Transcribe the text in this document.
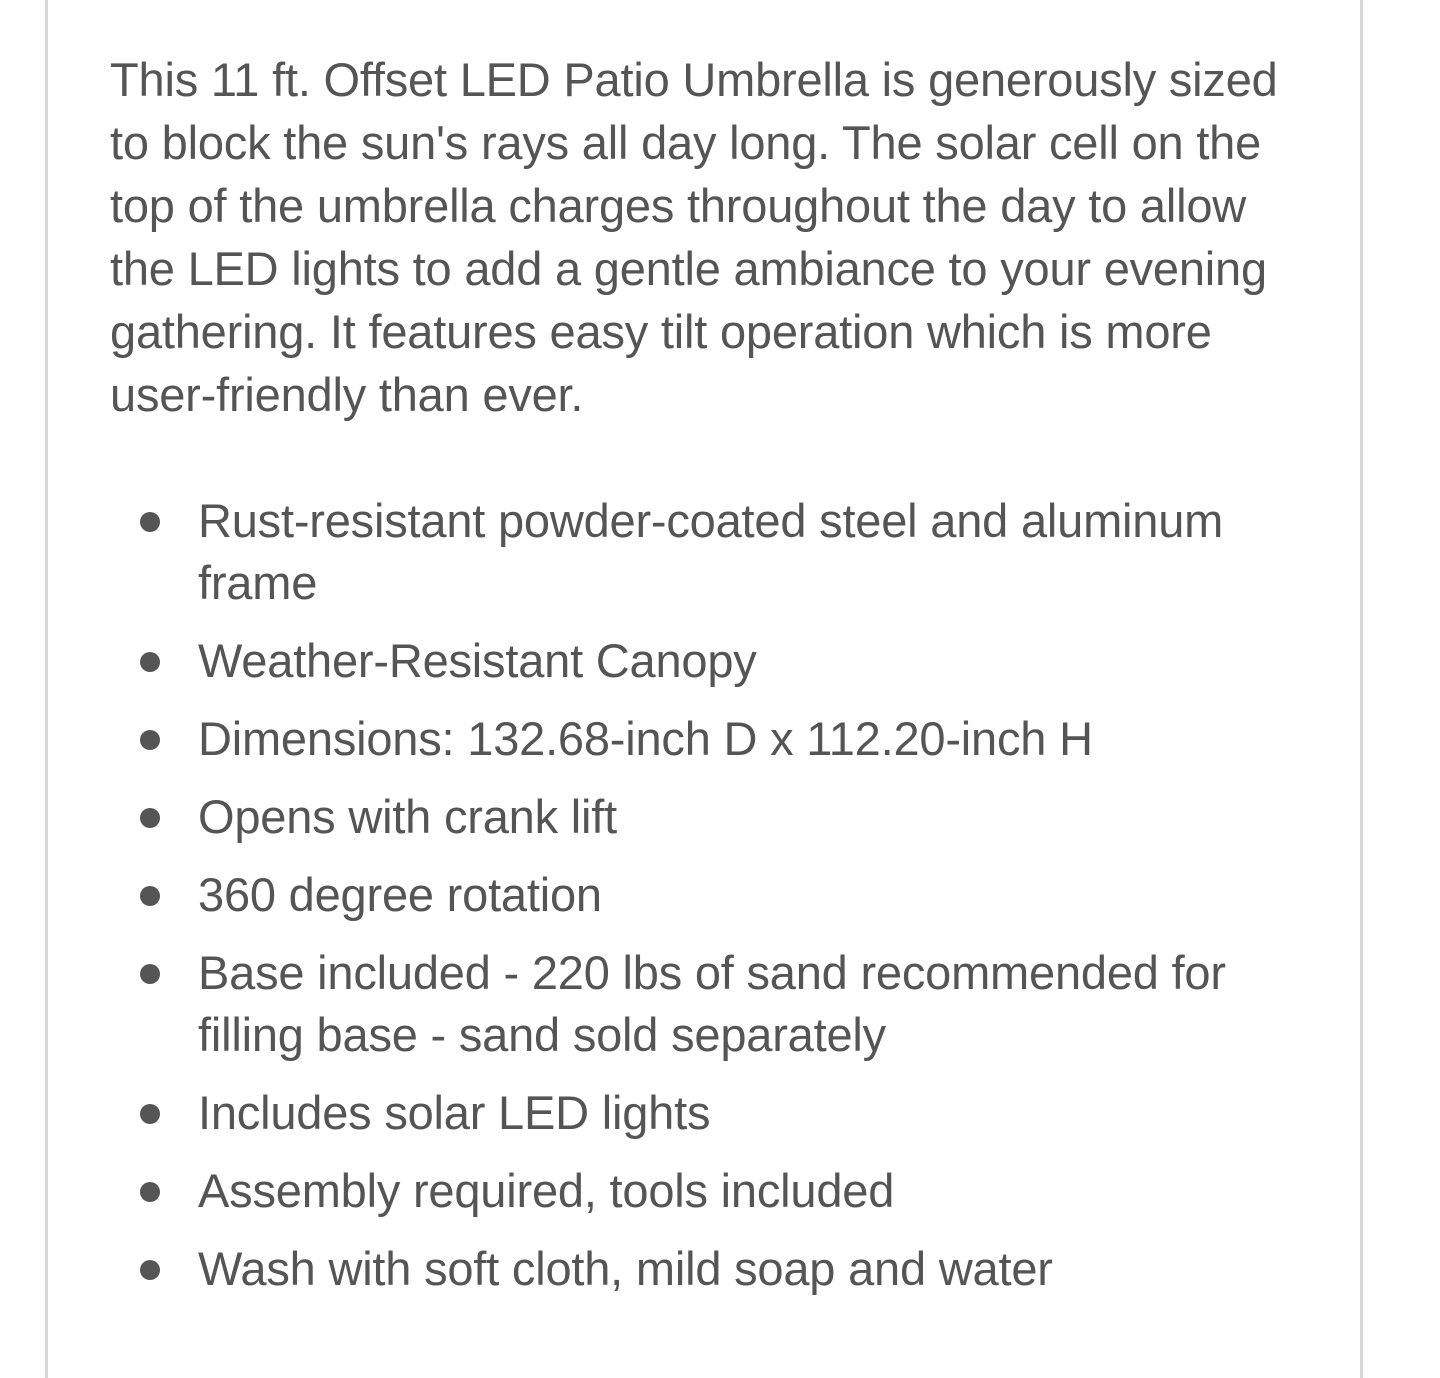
This 11 ft. Offset LED Patio Umbrella is generously sized to block the sun's rays all day long. The solar cell on the top of the umbrella charges throughout the day to allow the LED lights to add a gentle ambiance to your evening gathering. It features easy tilt operation which is more user-friendly than ever.

Rust-resistant powder-coated steel and aluminum frame
Weather-Resistant Canopy
Dimensions: 132.68-inch D x 112.20-inch H
Opens with crank lift
360 degree rotation
Base included - 220 lbs of sand recommended for filling base - sand sold separately
Includes solar LED lights
Assembly required, tools included
Wash with soft cloth, mild soap and water
